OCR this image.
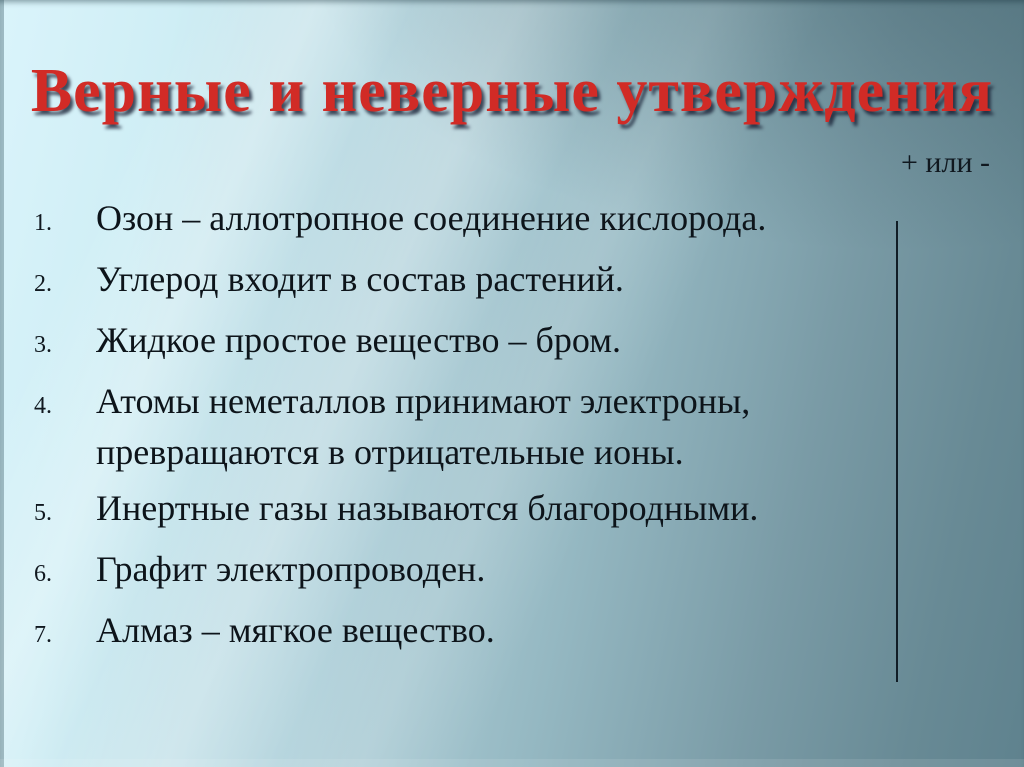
Верные и неверные утверждения
+ или -
1.	Озон – аллотропное соединение кислорода.
2.	Углерод входит в состав растений.
3.	Жидкое простое вещество – бром.
4.	Атомы неметаллов принимают электроны, превращаются в отрицательные ионы.
5.	Инертные газы называются благородными.
6.	Графит электропроводен.
7.	Алмаз – мягкое вещество.
